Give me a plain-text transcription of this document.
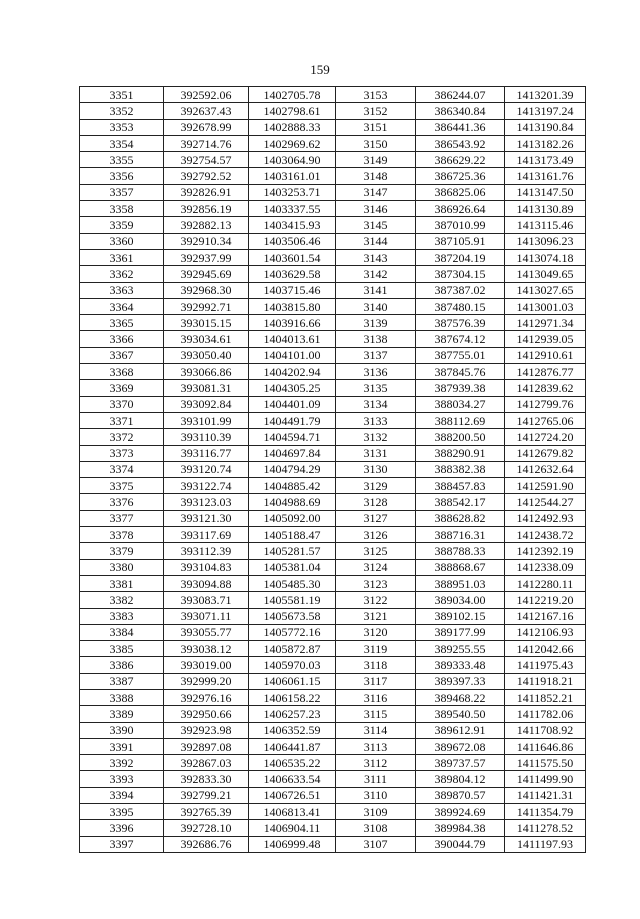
159
3351	392592.06	1402705.78	3153	386244.07	1413201.39
3352	392637.43	1402798.61	3152	386340.84	1413197.24
3353	392678.99	1402888.33	3151	386441.36	1413190.84
3354	392714.76	1402969.62	3150	386543.92	1413182.26
3355	392754.57	1403064.90	3149	386629.22	1413173.49
3356	392792.52	1403161.01	3148	386725.36	1413161.76
3357	392826.91	1403253.71	3147	386825.06	1413147.50
3358	392856.19	1403337.55	3146	386926.64	1413130.89
3359	392882.13	1403415.93	3145	387010.99	1413115.46
3360	392910.34	1403506.46	3144	387105.91	1413096.23
3361	392937.99	1403601.54	3143	387204.19	1413074.18
3362	392945.69	1403629.58	3142	387304.15	1413049.65
3363	392968.30	1403715.46	3141	387387.02	1413027.65
3364	392992.71	1403815.80	3140	387480.15	1413001.03
3365	393015.15	1403916.66	3139	387576.39	1412971.34
3366	393034.61	1404013.61	3138	387674.12	1412939.05
3367	393050.40	1404101.00	3137	387755.01	1412910.61
3368	393066.86	1404202.94	3136	387845.76	1412876.77
3369	393081.31	1404305.25	3135	387939.38	1412839.62
3370	393092.84	1404401.09	3134	388034.27	1412799.76
3371	393101.99	1404491.79	3133	388112.69	1412765.06
3372	393110.39	1404594.71	3132	388200.50	1412724.20
3373	393116.77	1404697.84	3131	388290.91	1412679.82
3374	393120.74	1404794.29	3130	388382.38	1412632.64
3375	393122.74	1404885.42	3129	388457.83	1412591.90
3376	393123.03	1404988.69	3128	388542.17	1412544.27
3377	393121.30	1405092.00	3127	388628.82	1412492.93
3378	393117.69	1405188.47	3126	388716.31	1412438.72
3379	393112.39	1405281.57	3125	388788.33	1412392.19
3380	393104.83	1405381.04	3124	388868.67	1412338.09
3381	393094.88	1405485.30	3123	388951.03	1412280.11
3382	393083.71	1405581.19	3122	389034.00	1412219.20
3383	393071.11	1405673.58	3121	389102.15	1412167.16
3384	393055.77	1405772.16	3120	389177.99	1412106.93
3385	393038.12	1405872.87	3119	389255.55	1412042.66
3386	393019.00	1405970.03	3118	389333.48	1411975.43
3387	392999.20	1406061.15	3117	389397.33	1411918.21
3388	392976.16	1406158.22	3116	389468.22	1411852.21
3389	392950.66	1406257.23	3115	389540.50	1411782.06
3390	392923.98	1406352.59	3114	389612.91	1411708.92
3391	392897.08	1406441.87	3113	389672.08	1411646.86
3392	392867.03	1406535.22	3112	389737.57	1411575.50
3393	392833.30	1406633.54	3111	389804.12	1411499.90
3394	392799.21	1406726.51	3110	389870.57	1411421.31
3395	392765.39	1406813.41	3109	389924.69	1411354.79
3396	392728.10	1406904.11	3108	389984.38	1411278.52
3397	392686.76	1406999.48	3107	390044.79	1411197.93
